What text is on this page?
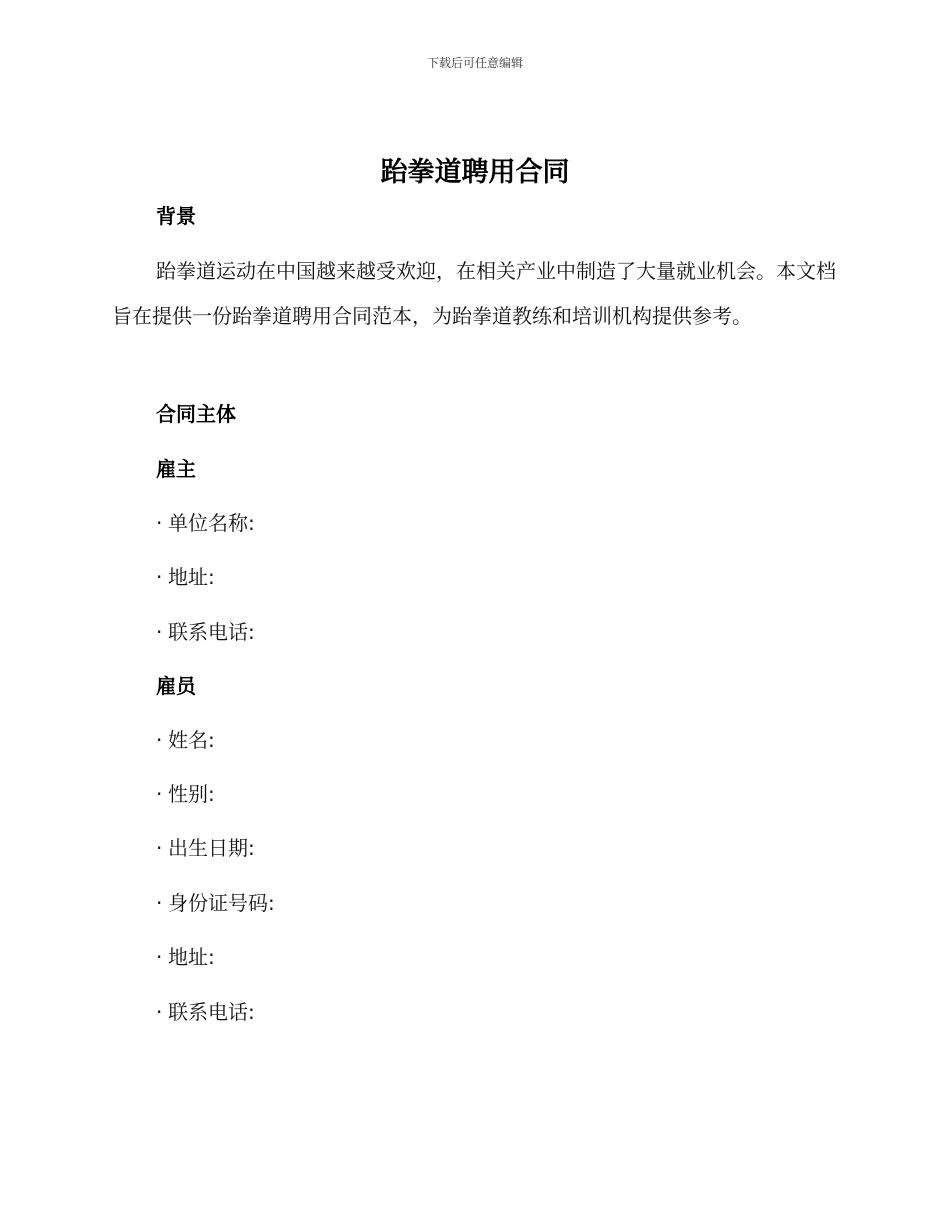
下载后可任意编辑
跆拳道聘用合同
背景

跆拳道运动在中国越来越受欢迎，在相关产业中制造了大量就业机会。本文档旨在提供一份跆拳道聘用合同范本，为跆拳道教练和培训机构提供参考。

合同主体
雇主
· 单位名称:
· 地址:
· 联系电话:
雇员
· 姓名:
· 性别:
· 出生日期:
· 身份证号码:
· 地址:
· 联系电话:
